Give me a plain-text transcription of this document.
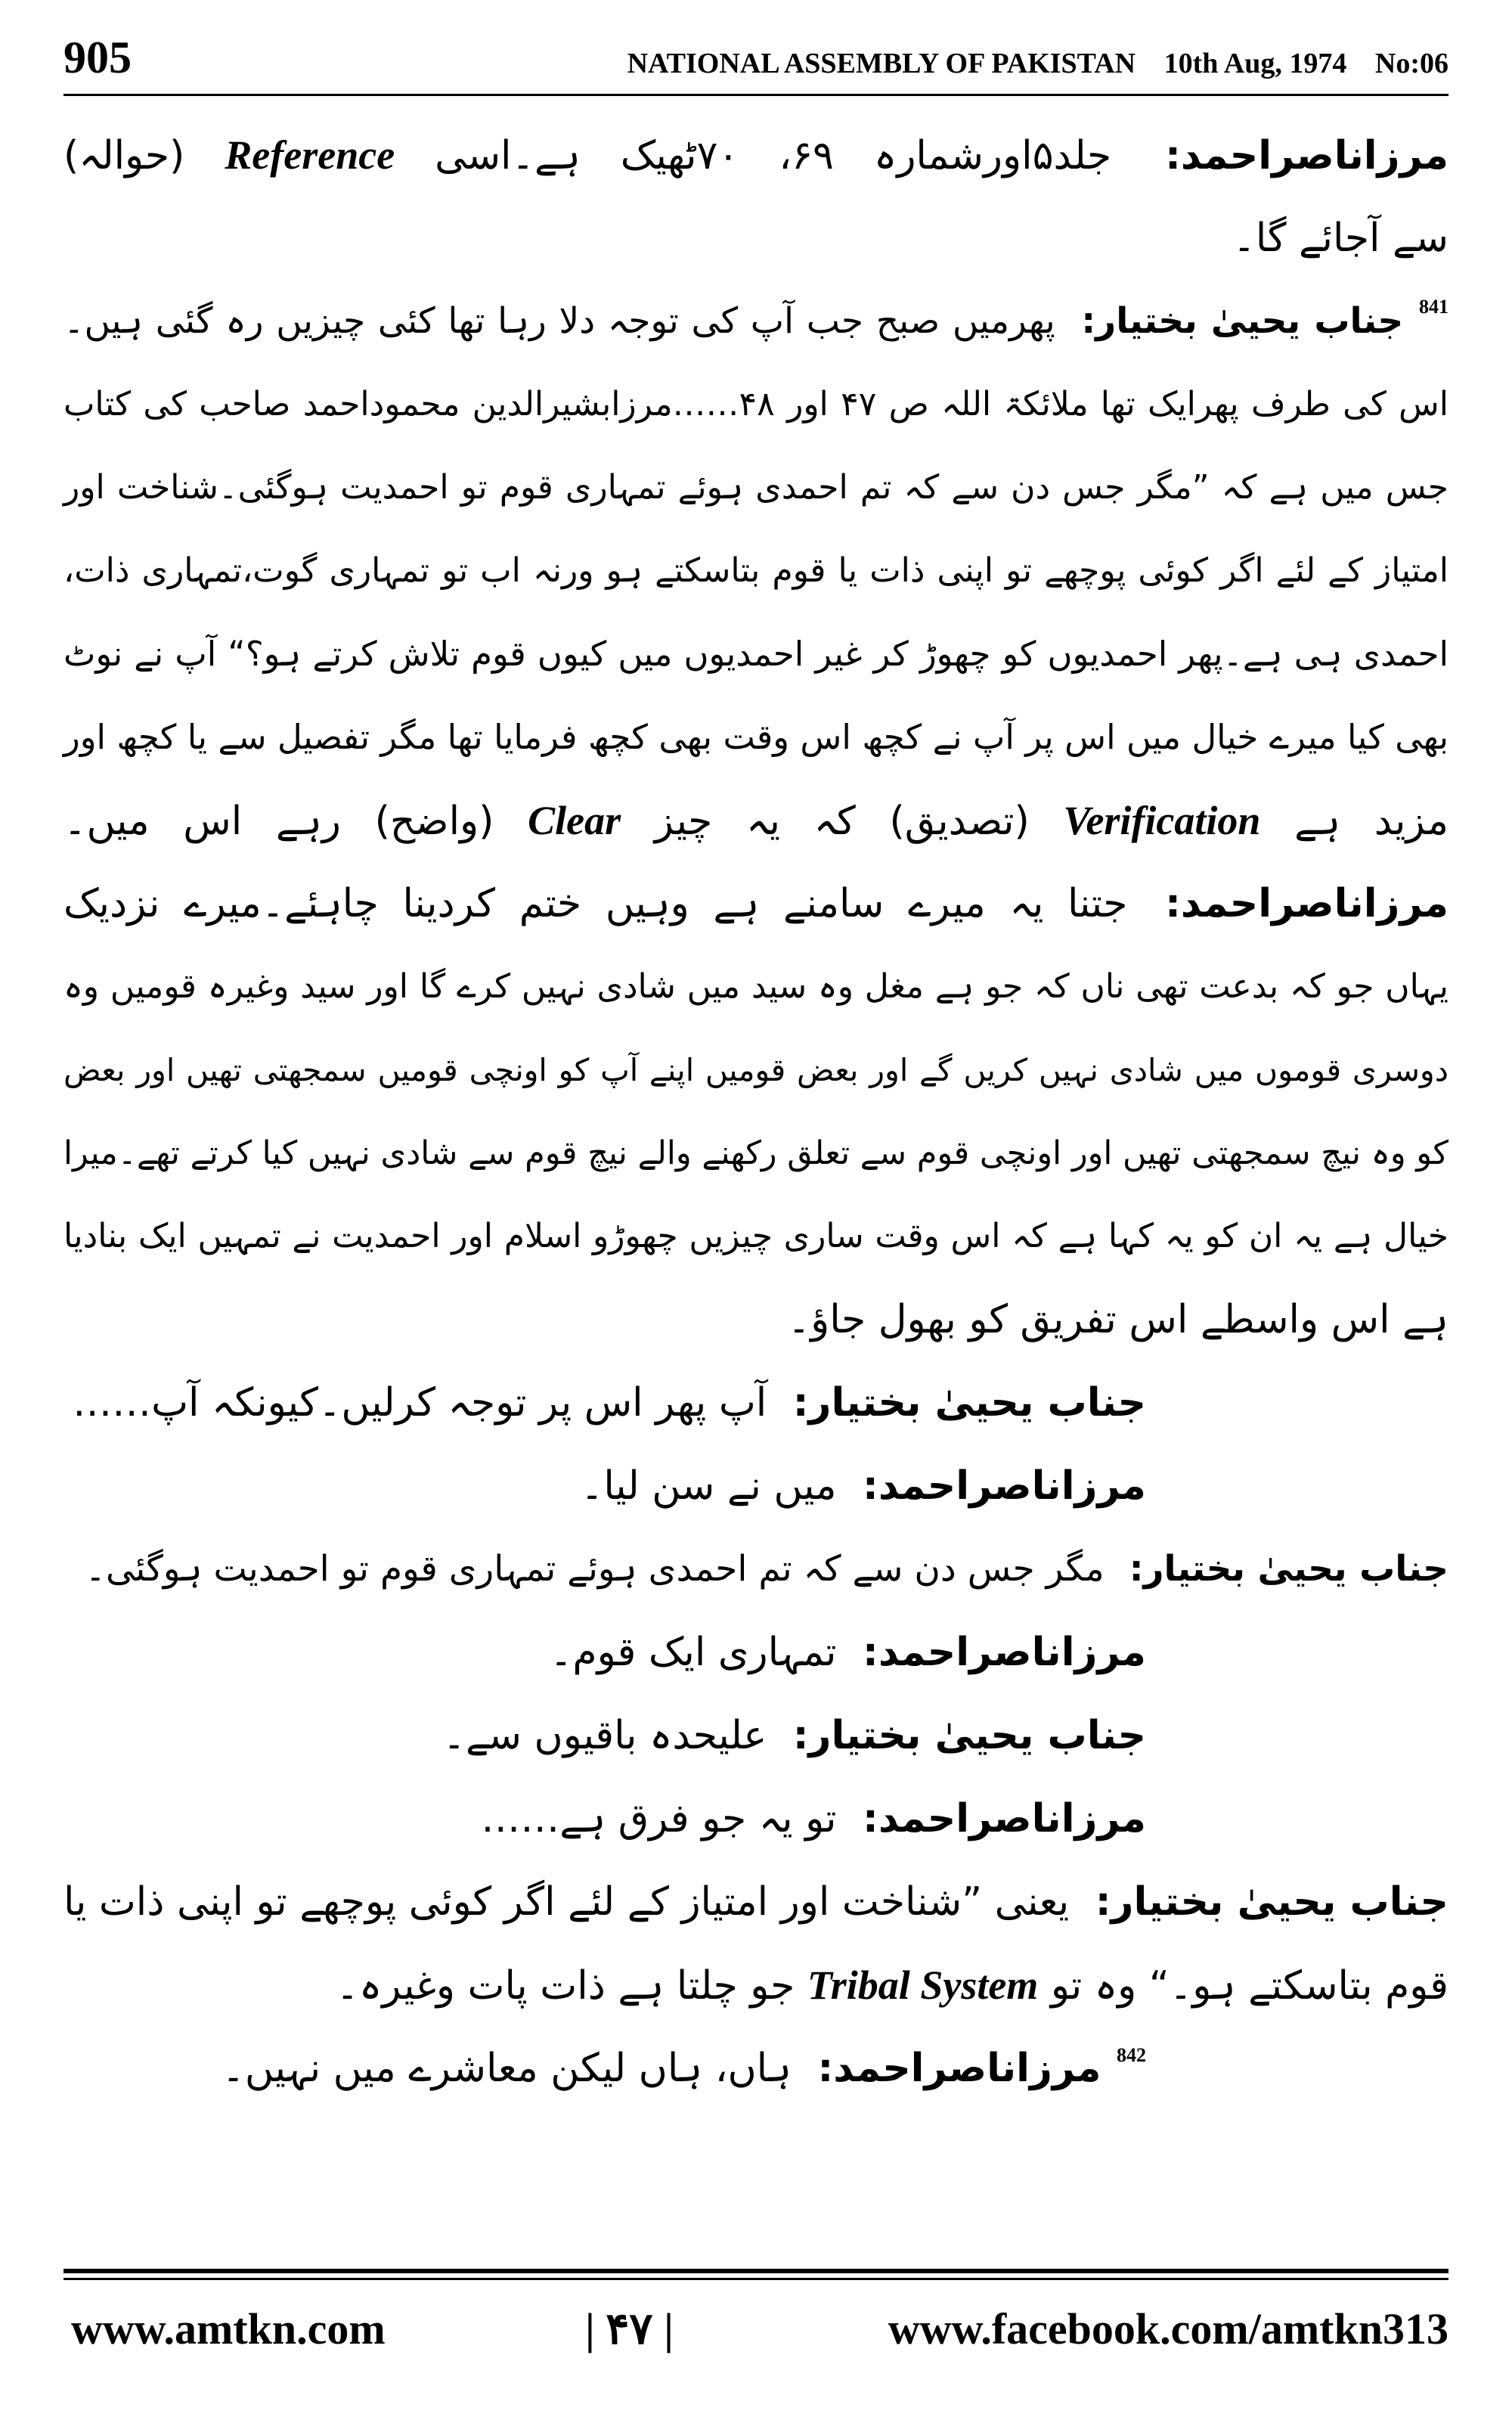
905	NATIONAL ASSEMBLY OF PAKISTAN 10th Aug, 1974 No:06
مرزاناصراحمد: جلد۵اورشمارہ ۶۹، ۷۰ٹھیک ہے۔اسی Reference (حوالہ)
سے آجائے گا۔
$^{841}$ جناب یحییٰ بختیار: پھرمیں صبح جب آپ کی توجہ دلا رہا تھا کئی چیزیں رہ گئی ہیں۔
اس کی طرف پھرایک تھا ملائکۃ اللہ ص ۴۷ اور ۴۸……مرزابشیرالدین محموداحمد صاحب کی کتاب
جس میں ہے کہ ”مگر جس دن سے کہ تم احمدی ہوئے تمہاری قوم تو احمدیت ہوگئی۔شناخت اور
امتیاز کے لئے اگر کوئی پوچھے تو اپنی ذات یا قوم بتاسکتے ہو ورنہ اب تو تمہاری گوت،تمہاری ذات،
احمدی ہی ہے۔پھر احمدیوں کو چھوڑ کر غیر احمدیوں میں کیوں قوم تلاش کرتے ہو؟“ آپ نے نوٹ
بھی کیا میرے خیال میں اس پر آپ نے کچھ اس وقت بھی کچھ فرمایا تھا مگر تفصیل سے یا کچھ اور
مزید ہے Verification (تصدیق) کہ یہ چیز Clear (واضح) رہے اس میں۔
مرزاناصراحمد: جتنا یہ میرے سامنے ہے وہیں ختم کردینا چاہئے۔میرے نزدیک
یہاں جو کہ بدعت تھی ناں کہ جو ہے مغل وہ سید میں شادی نہیں کرے گا اور سید وغیرہ قومیں وہ
دوسری قوموں میں شادی نہیں کریں گے اور بعض قومیں اپنے آپ کو اونچی قومیں سمجھتی تھیں اور بعض
کو وہ نیچ سمجھتی تھیں اور اونچی قوم سے تعلق رکھنے والے نیچ قوم سے شادی نہیں کیا کرتے تھے۔میرا
خیال ہے یہ ان کو یہ کہا ہے کہ اس وقت ساری چیزیں چھوڑو اسلام اور احمدیت نے تمہیں ایک بنادیا
ہے اس واسطے اس تفریق کو بھول جاؤ۔
جناب یحییٰ بختیار: آپ پھر اس پر توجہ کرلیں۔کیونکہ آپ……
مرزاناصراحمد: میں نے سن لیا۔
جناب یحییٰ بختیار: مگر جس دن سے کہ تم احمدی ہوئے تمہاری قوم تو احمدیت ہوگئی۔
مرزاناصراحمد: تمہاری ایک قوم۔
جناب یحییٰ بختیار: علیحدہ باقیوں سے۔
مرزاناصراحمد: تو یہ جو فرق ہے……
جناب یحییٰ بختیار: یعنی ”شناخت اور امتیاز کے لئے اگر کوئی پوچھے تو اپنی ذات یا
قوم بتاسکتے ہو۔“ وہ تو Tribal System جو چلتا ہے ذات پات وغیرہ۔
$^{842}$ مرزاناصراحمد: ہاں، ہاں لیکن معاشرے میں نہیں۔
www.amtkn.com	| ۴۷ |	www.facebook.com/amtkn313
